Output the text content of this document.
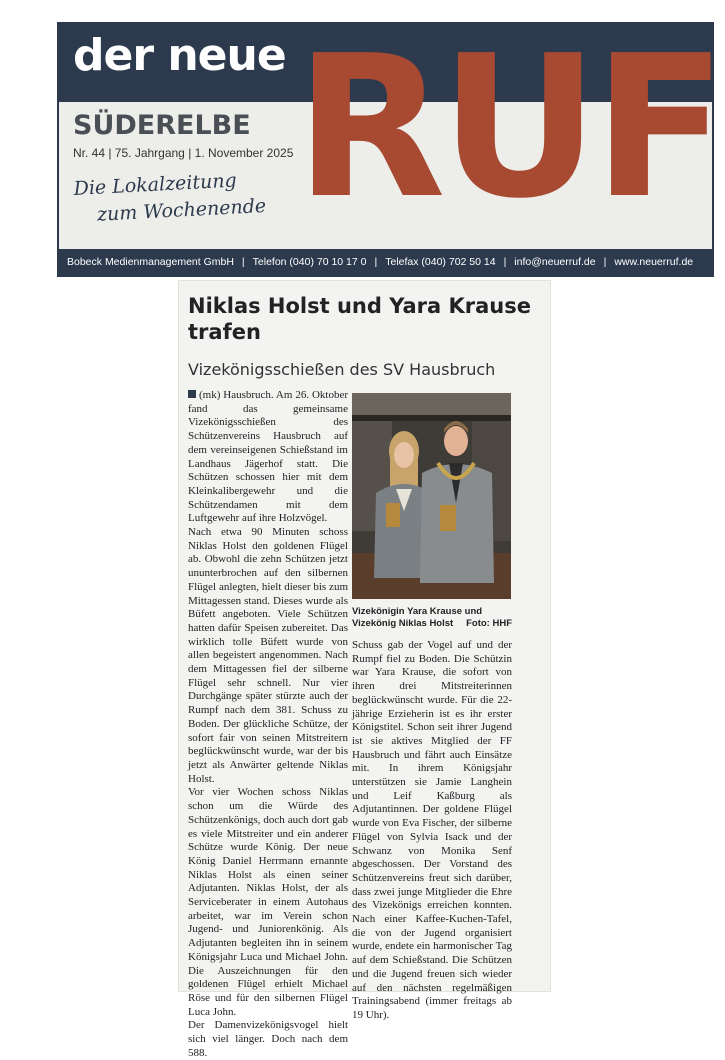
der neue RUF
SÜDERELBE
Nr. 44 | 75. Jahrgang | 1. November 2025
Die Lokalzeitung
zum Wochenende
Bobeck Medienmanagement GmbH | Telefon (040) 70 10 17 0 | Telefax (040) 702 50 14 | info@neuerruf.de | www.neuerruf.de
Niklas Holst und Yara Krause trafen
Vizekönigsschießen des SV Hausbruch

(mk) Hausbruch. Am 26. Oktober fand das gemeinsame Vizekönigsschießen des Schützenvereins Hausbruch auf dem vereinseigenen Schießstand im Landhaus Jägerhof statt. Die Schützen schossen hier mit dem Kleinkalibergewehr und die Schützendamen mit dem Luftgewehr auf ihre Holzvögel.

Nach etwa 90 Minuten schoss Niklas Holst den goldenen Flügel ab. Obwohl die zehn Schützen jetzt ununterbrochen auf den silbernen Flügel anlegten, hielt dieser bis zum Mittagessen stand. Dieses wurde als Büfett angeboten. Viele Schützen hatten dafür Speisen zubereitet. Das wirklich tolle Büfett wurde von allen begeistert angenommen. Nach dem Mittagessen fiel der silberne Flügel sehr schnell. Nur vier Durchgänge später stürzte auch der Rumpf nach dem 381. Schuss zu Boden. Der glückliche Schütze, der sofort fair von seinen Mitstreitern beglückwünscht wurde, war der bis jetzt als Anwärter geltende Niklas Holst.

Vor vier Wochen schoss Niklas schon um die Würde des Schützenkönigs, doch auch dort gab es viele Mitstreiter und ein anderer Schütze wurde König. Der neue König Daniel Herrmann ernannte Niklas Holst als einen seiner Adjutanten. Niklas Holst, der als Serviceberater in einem Autohaus arbeitet, war im Verein schon Jugend- und Juniorenkönig. Als Adjutanten begleiten ihn in seinem Königsjahr Luca und Michael John. Die Auszeichnungen für den goldenen Flügel erhielt Michael Röse und für den silbernen Flügel Luca John.

Der Damenvizekönigsvogel hielt sich viel länger. Doch nach dem 588.

Vizekönigin Yara Krause und Vizekönig Niklas Holst Foto: HHF

Schuss gab der Vogel auf und der Rumpf fiel zu Boden. Die Schützin war Yara Krause, die sofort von ihren drei Mitstreiterinnen beglückwünscht wurde. Für die 22-jährige Erzieherin ist es ihr erster Königstitel. Schon seit ihrer Jugend ist sie aktives Mitglied der FF Hausbruch und fährt auch Einsätze mit. In ihrem Königsjahr unterstützen sie Jamie Langhein und Leif Kaßburg als Adjutantinnen. Der goldene Flügel wurde von Eva Fischer, der silberne Flügel von Sylvia Isack und der Schwanz von Monika Senf abgeschossen. Der Vorstand des Schützenvereins freut sich darüber, dass zwei junge Mitglieder die Ehre des Vizekönigs erreichen konnten. Nach einer Kaffee-Kuchen-Tafel, die von der Jugend organisiert wurde, endete ein harmonischer Tag auf dem Schießstand. Die Schützen und die Jugend freuen sich wieder auf den nächsten regelmäßigen Trainingsabend (immer freitags ab 19 Uhr).
